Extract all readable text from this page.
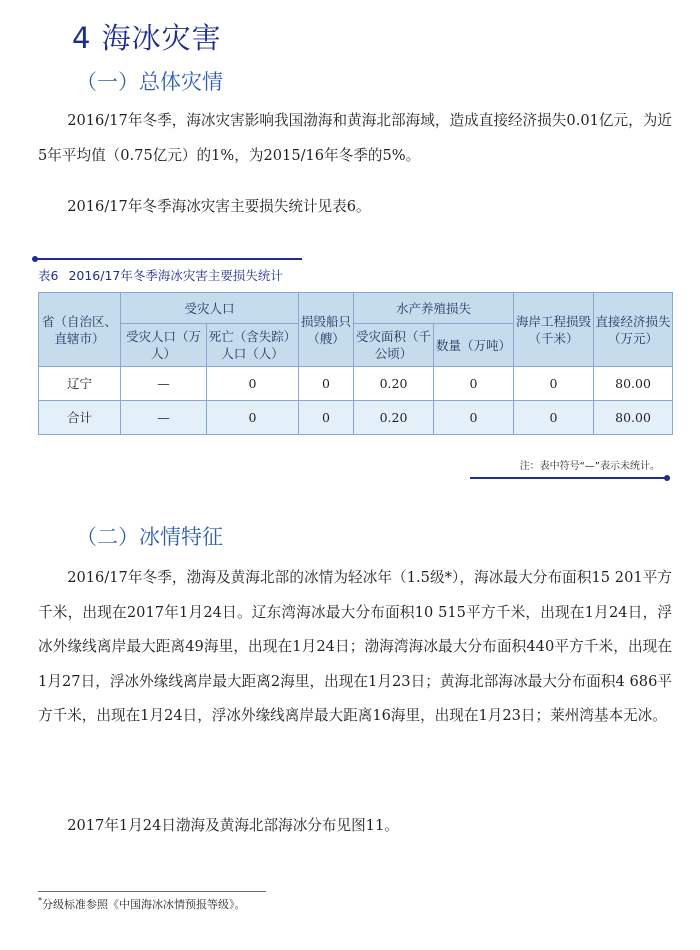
4 海冰灾害
（一）总体灾情

2016/17年冬季，海冰灾害影响我国渤海和黄海北部海域，造成直接经济损失0.01亿元，为近5年平均值（0.75亿元）的1%，为2015/16年冬季的5%。

2016/17年冬季海冰灾害主要损失统计见表6。

表6 2016/17年冬季海冰灾害主要损失统计

省（自治区、直辖市）	受灾人口		损毁船只（艘）	水产养殖损失		海岸工程损毁（千米）	直接经济损失（万元）
	受灾人口（万人）	死亡（含失踪）人口（人）		受灾面积（千公顷）	数量（万吨）		
辽宁	—	0	0	0.20	0	0	80.00
合计	—	0	0	0.20	0	0	80.00

注：表中符号“—”表示未统计。

（二）冰情特征

2016/17年冬季，渤海及黄海北部的冰情为轻冰年（1.5级*），海冰最大分布面积15 201平方千米，出现在2017年1月24日。辽东湾海冰最大分布面积10 515平方千米，出现在1月24日，浮冰外缘线离岸最大距离49海里，出现在1月24日；渤海湾海冰最大分布面积440平方千米，出现在1月27日，浮冰外缘线离岸最大距离2海里，出现在1月23日；黄海北部海冰最大分布面积4 686平方千米，出现在1月24日，浮冰外缘线离岸最大距离16海里，出现在1月23日；莱州湾基本无冰。

2017年1月24日渤海及黄海北部海冰分布见图11。

*分级标准参照《中国海冰冰情预报等级》。
